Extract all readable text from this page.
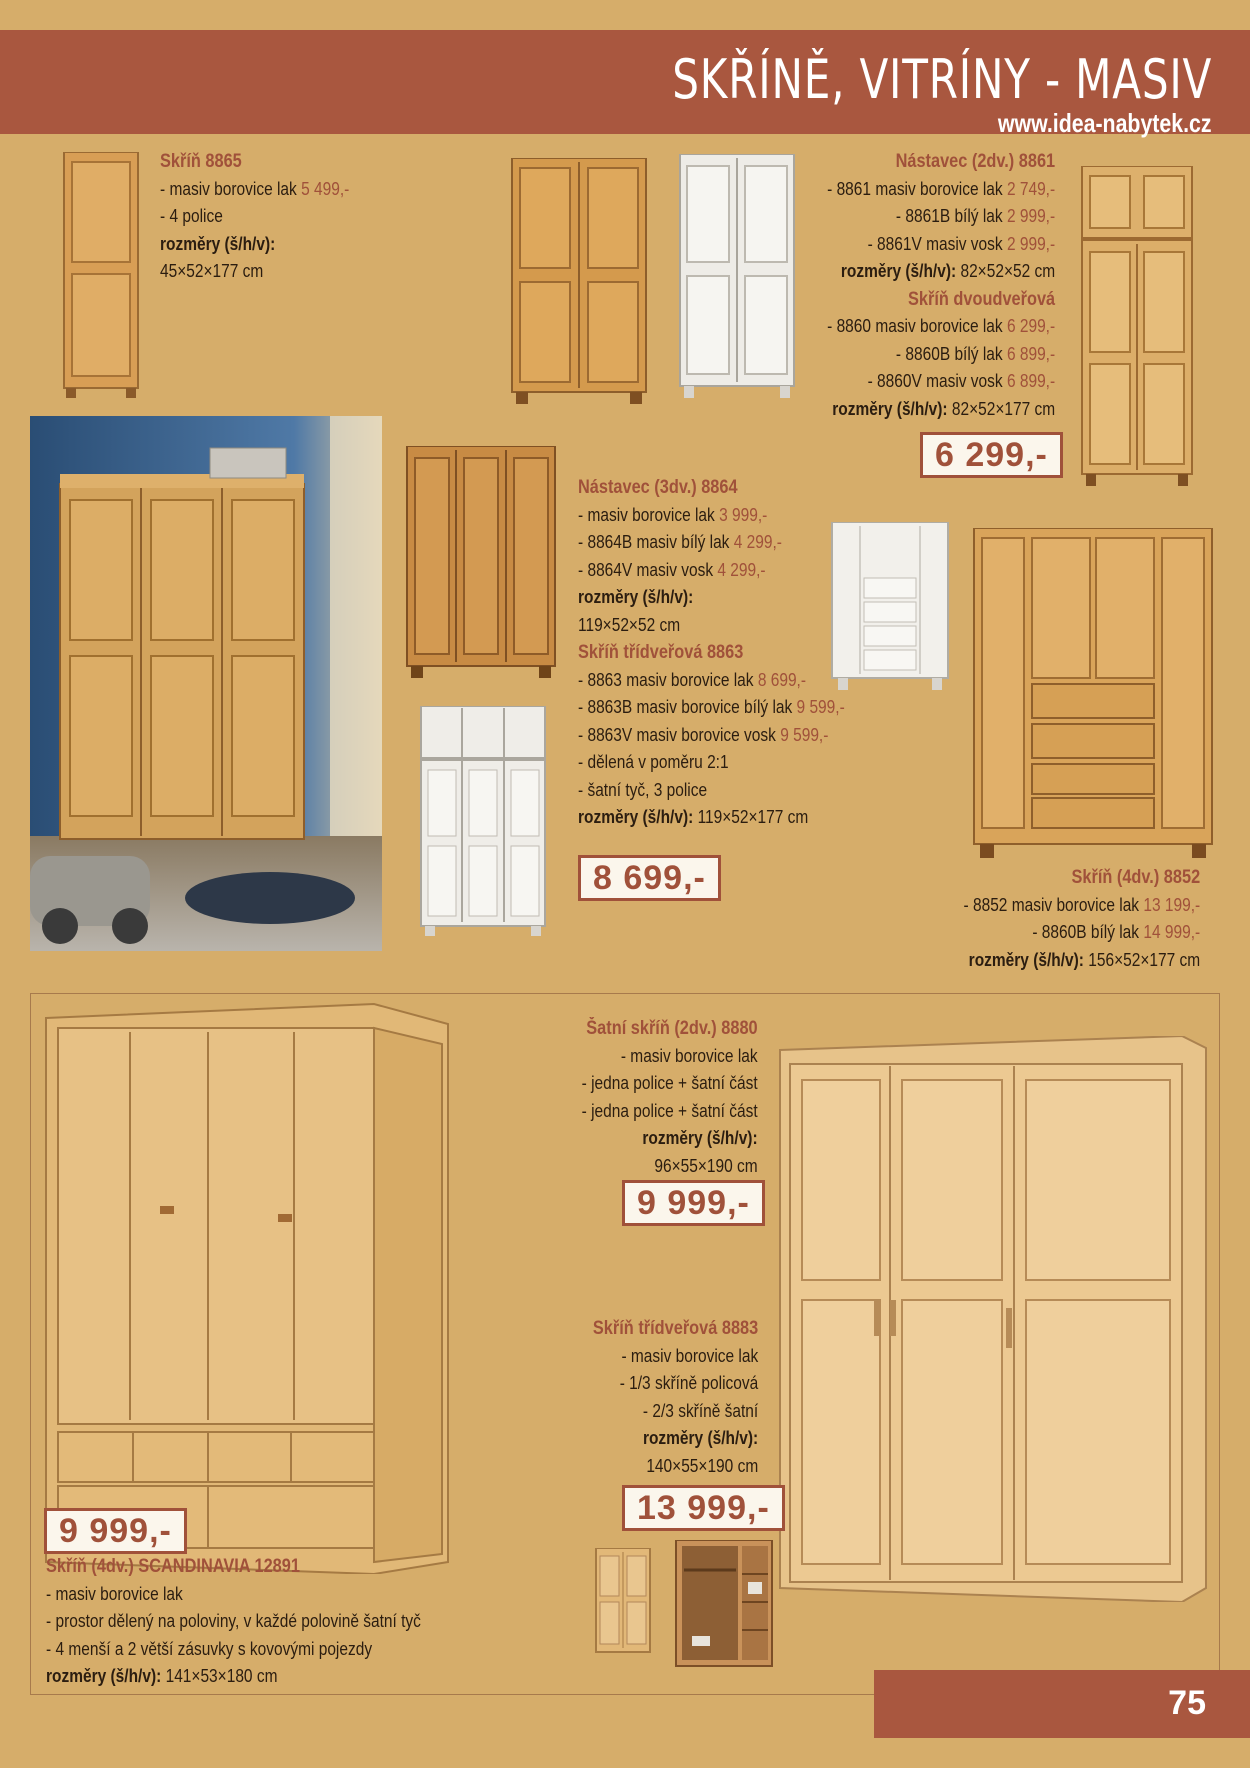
SKŘÍNĚ, VITRÍNY - MASIV
www.idea-nabytek.cz
Skříň 8865
- masiv borovice lak 5 499,-
- 4 police
rozměry (š/h/v):
45×52×177 cm
Nástavec (2dv.) 8861
- 8861 masiv borovice lak 2 749,-
- 8861B bílý lak 2 999,-
- 8861V masiv vosk 2 999,-
rozměry (š/h/v): 82×52×52 cm
Skříň dvoudveřová
- 8860 masiv borovice lak 6 299,-
- 8860B bílý lak 6 899,-
- 8860V masiv vosk 6 899,-
rozměry (š/h/v): 82×52×177 cm
6 299,-
Nástavec (3dv.) 8864
- masiv borovice lak 3 999,-
- 8864B masiv bílý lak 4 299,-
- 8864V masiv vosk 4 299,-
rozměry (š/h/v):
119×52×52 cm
Skříň třídveřová 8863
- 8863 masiv borovice lak 8 699,-
- 8863B masiv borovice bílý lak 9 599,-
- 8863V masiv borovice vosk 9 599,-
- dělená v poměru 2:1
- šatní tyč, 3 police
rozměry (š/h/v): 119×52×177 cm
8 699,-	Skříň (4dv.) 8852
- 8852 masiv borovice lak 13 199,-
- 8860B bílý lak 14 999,-
rozměry (š/h/v): 156×52×177 cm
Šatní skříň (2dv.) 8880
- masiv borovice lak
- jedna police + šatní část
- jedna police + šatní část
rozměry (š/h/v):
96×55×190 cm
9 999,-
Skříň třídveřová 8883
- masiv borovice lak
- 1/3 skříně policová
- 2/3 skříně šatní
rozměry (š/h/v):
140×55×190 cm
13 999,-
9 999,-
Skříň (4dv.) SCANDINAVIA 12891
- masiv borovice lak
- prostor dělený na poloviny, v každé polovině šatní tyč
- 4 menší a 2 větší zásuvky s kovovými pojezdy
rozměry (š/h/v): 141×53×180 cm
75
